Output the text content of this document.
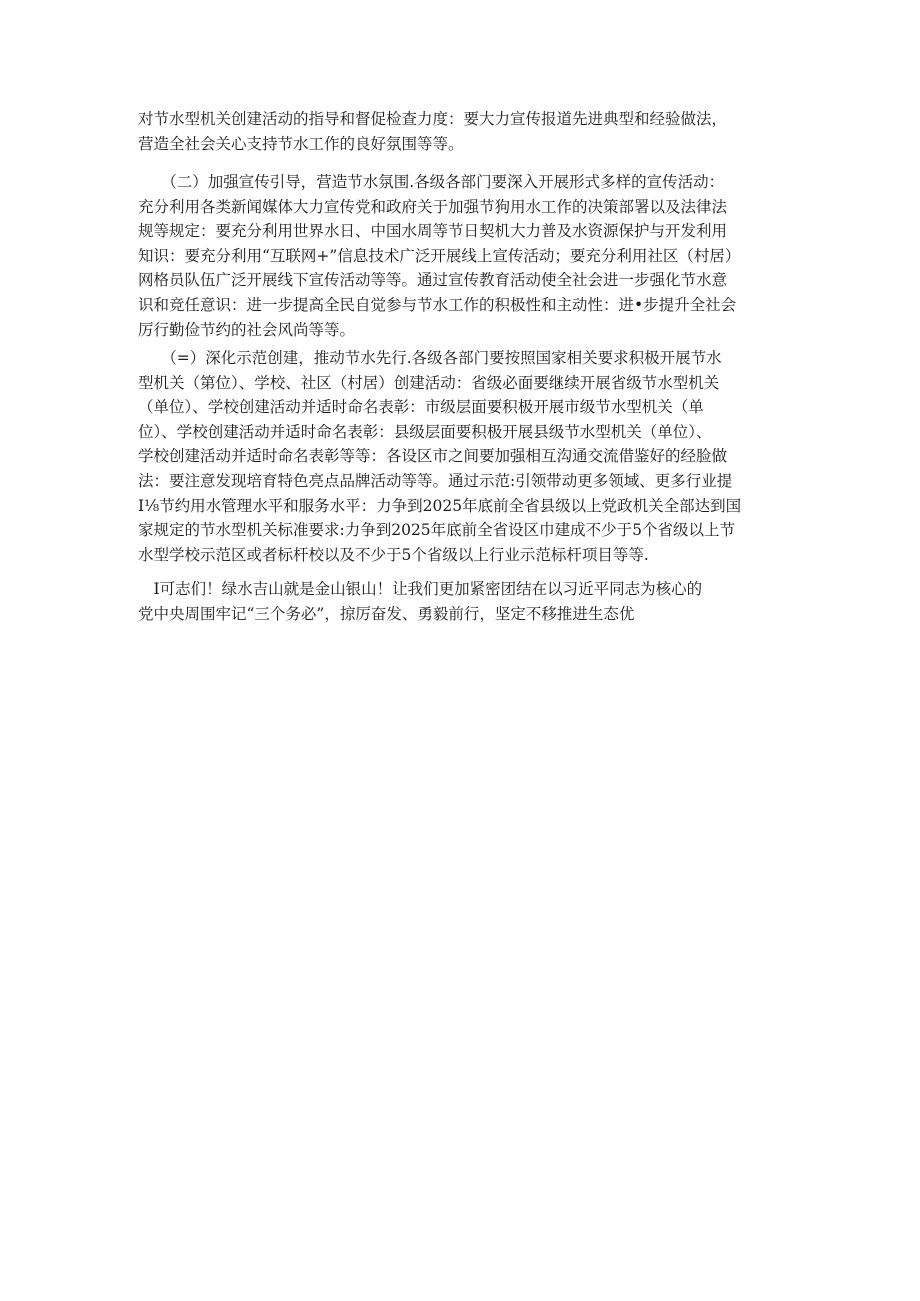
对节水型机关创建活动的指导和督促检查力度：要大力宣传报道先进典型和经验做法，
营造全社会关心支持节水工作的良好氛围等等。
　　（二）加强宣传引导，营造节水氛围.各级各部门要深入开展形式多样的宣传活动：
充分利用各类新闻媒体大力宣传党和政府关于加强节狗用水工作的决策部署以及法律法
规等规定：要充分利用世界水日、中国水周等节日契机大力普及水资源保护与开发利用
知识：要充分利用“互联网+”信息技术广泛开展线上宣传活动；要充分利用社区（村居）
网格员队伍广泛开展线下宣传活动等等。通过宣传教育活动使全社会进一步强化节水意
识和竞任意识：进一步提高全民自觉参与节水工作的积极性和主动性：进•步提升全社会
厉行勤俭节约的社会风尚等等。
　　（=）深化示范创建，推动节水先行.各级各部门要按照国家相关要求积极开展节水
型机关（第位）、学校、社区（村居）创建活动：省级必面要继续开展省级节水型机关
（单位）、学校创建活动并适时命名表彰：市级层面要积极开展市级节水型机关（单
位）、学校创建活动并适时命名表彰：县级层面要积极开展县级节水型机关（单位）、
学校创建活动并适时命名表彰等等：各设区市之间要加强相互沟通交流借鉴好的经脸做
法：要注意发现培育特色亮点品牌活动等等。通过示范:引领带动更多领域、更多行业提
I⅛节约用水管理水平和服务水平：力争到2025年底前全省县级以上党政机关全部达到国
家规定的节水型机关标准要求:力争到2025年底前全省设区巾建成不少于5个省级以上节
水型学校示范区或者标杆校以及不少于5个省级以上行业示范标杆项目等等.
　I可志们！绿水吉山就是金山银山！让我们更加紧密团结在以习近平同志为核心的
党中央周围牢记“三个务必”，掠厉奋发、勇毅前行，坚定不移推进生态优
